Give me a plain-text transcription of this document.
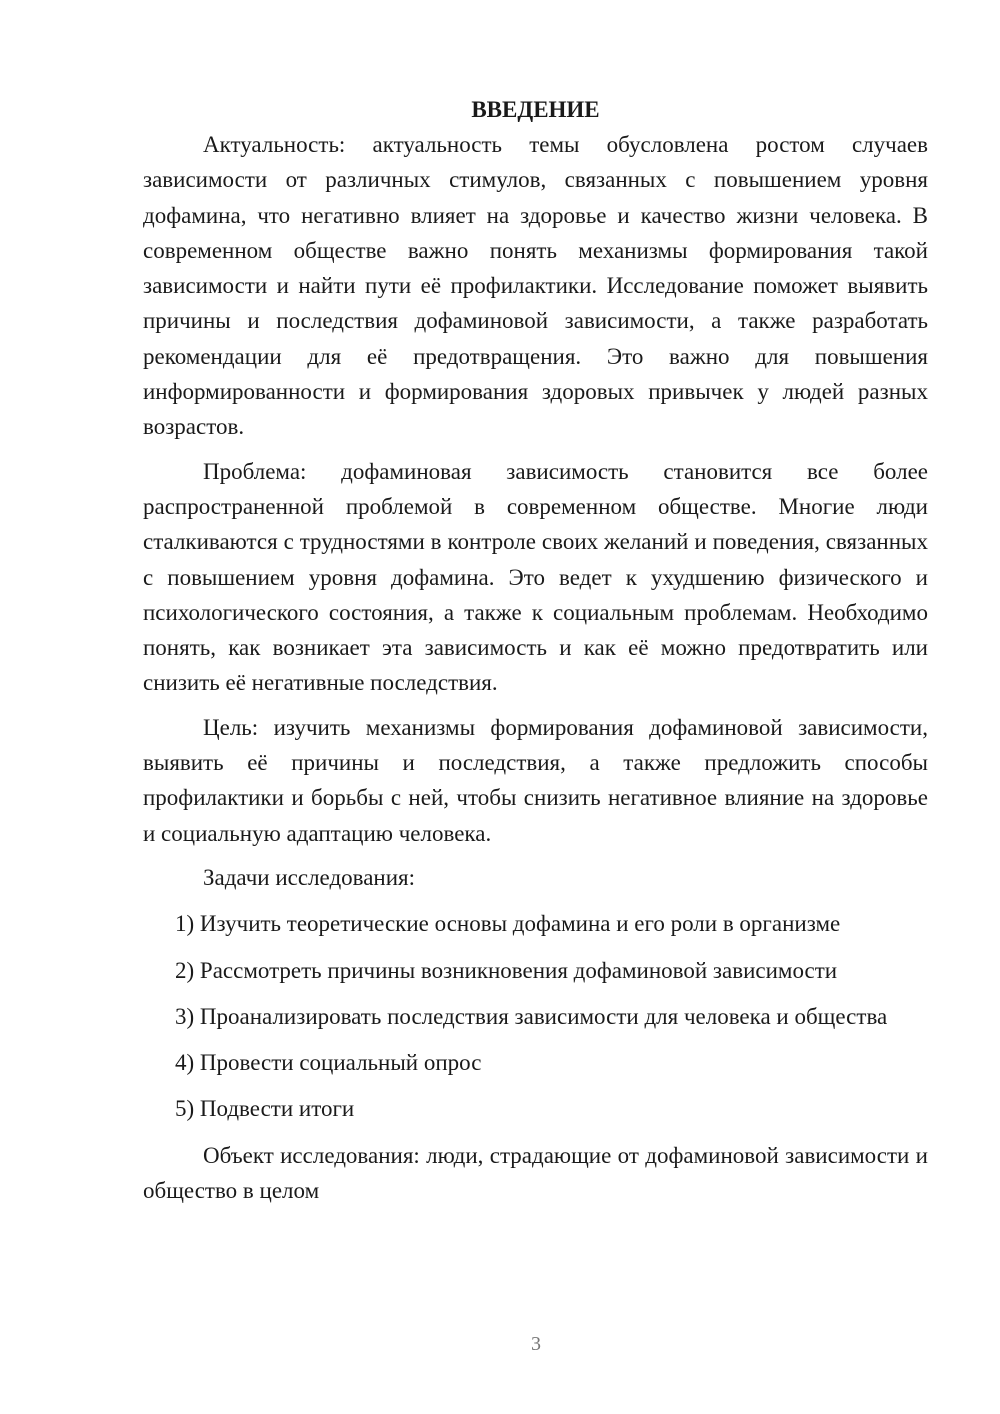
ВВЕДЕНИЕ

Актуальность: актуальность темы обусловлена ростом случаев зависимости от различных стимулов, связанных с повышением уровня дофамина, что негативно влияет на здоровье и качество жизни человека. В современном обществе важно понять механизмы формирования такой зависимости и найти пути её профилактики. Исследование поможет выявить причины и последствия дофаминовой зависимости, а также разработать рекомендации для её предотвращения. Это важно для повышения информированности и формирования здоровых привычек у людей разных возрастов.

Проблема: дофаминовая зависимость становится все более распространенной проблемой в современном обществе. Многие люди сталкиваются с трудностями в контроле своих желаний и поведения, связанных с повышением уровня дофамина. Это ведет к ухудшению физического и психологического состояния, а также к социальным проблемам. Необходимо понять, как возникает эта зависимость и как её можно предотвратить или снизить её негативные последствия.

Цель: изучить механизмы формирования дофаминовой зависимости, выявить её причины и последствия, а также предложить способы профилактики и борьбы с ней, чтобы снизить негативное влияние на здоровье и социальную адаптацию человека.

Задачи исследования:

1) Изучить теоретические основы дофамина и его роли в организме

2) Рассмотреть причины возникновения дофаминовой зависимости

3) Проанализировать последствия зависимости для человека и общества

4) Провести социальный опрос

5) Подвести итоги

Объект исследования: люди, страдающие от дофаминовой зависимости и общество в целом

3
